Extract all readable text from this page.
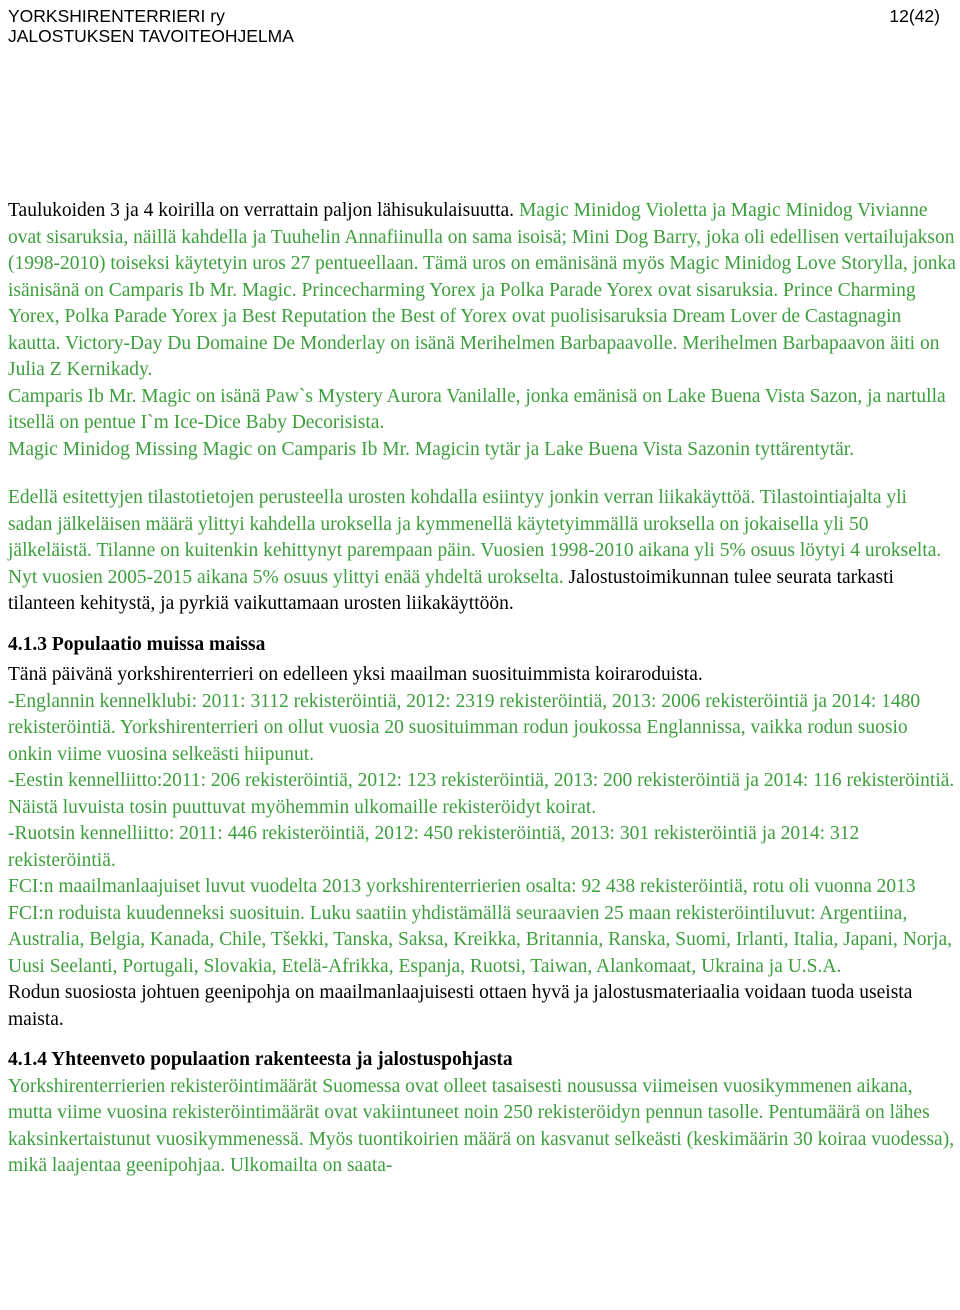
YORKSHIRENTERRIERI ry	12(42)
JALOSTUKSEN TAVOITEOHJELMA

Taulukoiden 3 ja 4 koirilla on verrattain paljon lähisukulaisuutta. Magic Minidog Violetta ja Magic Minidog Vivianne ovat sisaruksia, näillä kahdella ja Tuuhelin Annafiinulla on sama isoisä; Mini Dog Barry, joka oli edellisen vertailujakson (1998-2010) toiseksi käytetyin uros 27 pentueellaan. Tämä uros on emänisänä myös Magic Minidog Love Storylla, jonka isänisänä on Camparis Ib Mr. Magic. Princecharming Yorex ja Polka Parade Yorex ovat sisaruksia. Prince Charming Yorex, Polka Parade Yorex ja Best Reputation the Best of Yorex ovat puolisisaruksia Dream Lover de Castagnagin kautta. Victory-Day Du Domaine De Monderlay on isänä Merihelmen Barbapaavolle. Merihelmen Barbapaavon äiti on Julia Z Kernikady.

Camparis Ib Mr. Magic on isänä Paw`s Mystery Aurora Vanilalle, jonka emänisä on Lake Buena Vista Sazon, ja nartulla itsellä on pentue I`m Ice-Dice Baby Decorisista.

Magic Minidog Missing Magic on Camparis Ib Mr. Magicin tytär ja Lake Buena Vista Sazonin tyttärentytär.

Edellä esitettyjen tilastotietojen perusteella urosten kohdalla esiintyy jonkin verran liikakäyttöä. Tilastointiajalta yli sadan jälkeläisen määrä ylittyi kahdella uroksella ja kymmenellä käytetyimmällä uroksella on jokaisella yli 50 jälkeläistä. Tilanne on kuitenkin kehittynyt parempaan päin. Vuosien 1998-2010 aikana yli 5% osuus löytyi 4 urokselta. Nyt vuosien 2005-2015 aikana 5% osuus ylittyi enää yhdeltä urokselta. Jalostustoimikunnan tulee seurata tarkasti tilanteen kehitystä, ja pyrkiä vaikuttamaan urosten liikakäyttöön.

4.1.3 Populaatio muissa maissa

Tänä päivänä yorkshirenterrieri on edelleen yksi maailman suosituimmista koiraroduista.

-Englannin kennelklubi: 2011: 3112 rekisteröintiä, 2012: 2319 rekisteröintiä, 2013: 2006 rekisteröintiä ja 2014: 1480 rekisteröintiä. Yorkshirenterrieri on ollut vuosia 20 suosituimman rodun joukossa Englannissa, vaikka rodun suosio onkin viime vuosina selkeästi hiipunut.

-Eestin kennelliitto:2011: 206 rekisteröintiä, 2012: 123 rekisteröintiä, 2013: 200 rekisteröintiä ja 2014: 116 rekisteröintiä. Näistä luvuista tosin puuttuvat myöhemmin ulkomaille rekisteröidyt koirat.

-Ruotsin kennelliitto: 2011: 446 rekisteröintiä, 2012: 450 rekisteröintiä, 2013: 301 rekisteröintiä ja 2014: 312 rekisteröintiä.

FCI:n maailmanlaajuiset luvut vuodelta 2013 yorkshirenterrierien osalta: 92 438 rekisteröintiä, rotu oli vuonna 2013 FCI:n roduista kuudenneksi suosituin. Luku saatiin yhdistämällä seuraavien 25 maan rekisteröintiluvut: Argentiina, Australia, Belgia, Kanada, Chile, Tšekki, Tanska, Saksa, Kreikka, Britannia, Ranska, Suomi, Irlanti, Italia, Japani, Norja, Uusi Seelanti, Portugali, Slovakia, Etelä-Afrikka, Espanja, Ruotsi, Taiwan, Alankomaat, Ukraina ja U.S.A.

Rodun suosiosta johtuen geenipohja on maailmanlaajuisesti ottaen hyvä ja jalostusmateriaalia voidaan tuoda useista maista.

4.1.4 Yhteenveto populaation rakenteesta ja jalostuspohjasta

Yorkshirenterrierien rekisteröintimäärät Suomessa ovat olleet tasaisesti nousussa viimeisen vuosikymmenen aikana, mutta viime vuosina rekisteröintimäärät ovat vakiintuneet noin 250 rekisteröidyn pennun tasolle. Pentumäärä on lähes kaksinkertaistunut vuosikymmenessä. Myös tuontikoirien määrä on kasvanut selkeästi (keskimäärin 30 koiraa vuodessa), mikä laajentaa geenipohjaa. Ulkomailta on saata-
